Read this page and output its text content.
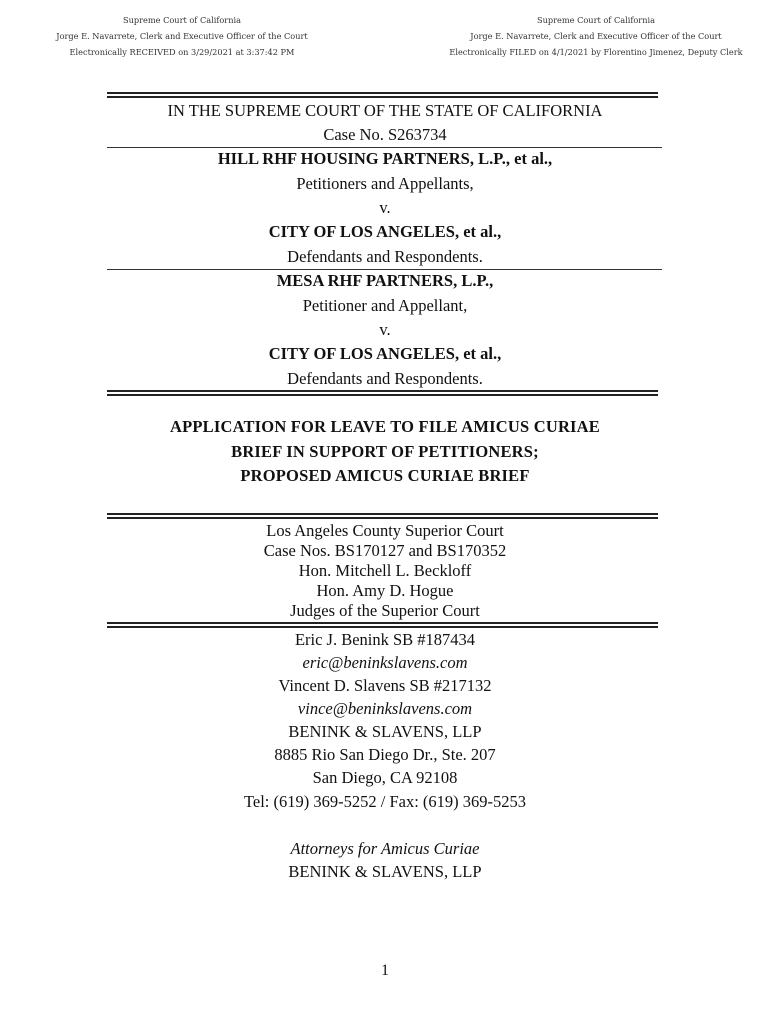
Supreme Court of California
Jorge E. Navarrete, Clerk and Executive Officer of the Court
Electronically RECEIVED on 3/29/2021 at 3:37:42 PM
Supreme Court of California
Jorge E. Navarrete, Clerk and Executive Officer of the Court
Electronically FILED on 4/1/2021 by Florentino Jimenez, Deputy Clerk
IN THE SUPREME COURT OF THE STATE OF CALIFORNIA
Case No. S263734
HILL RHF HOUSING PARTNERS, L.P., et al.,
Petitioners and Appellants,
v.
CITY OF LOS ANGELES, et al.,
Defendants and Respondents.
MESA RHF PARTNERS, L.P.,
Petitioner and Appellant,
v.
CITY OF LOS ANGELES, et al.,
Defendants and Respondents.
APPLICATION FOR LEAVE TO FILE AMICUS CURIAE
BRIEF IN SUPPORT OF PETITIONERS;
PROPOSED AMICUS CURIAE BRIEF
Los Angeles County Superior Court
Case Nos. BS170127 and BS170352
Hon. Mitchell L. Beckloff
Hon. Amy D. Hogue
Judges of the Superior Court
Eric J. Benink SB #187434
eric@beninkslavens.com
Vincent D. Slavens SB #217132
vince@beninkslavens.com
BENINK & SLAVENS, LLP
8885 Rio San Diego Dr., Ste. 207
San Diego, CA 92108
Tel: (619) 369-5252 / Fax: (619) 369-5253
Attorneys for Amicus Curiae
BENINK & SLAVENS, LLP
1
